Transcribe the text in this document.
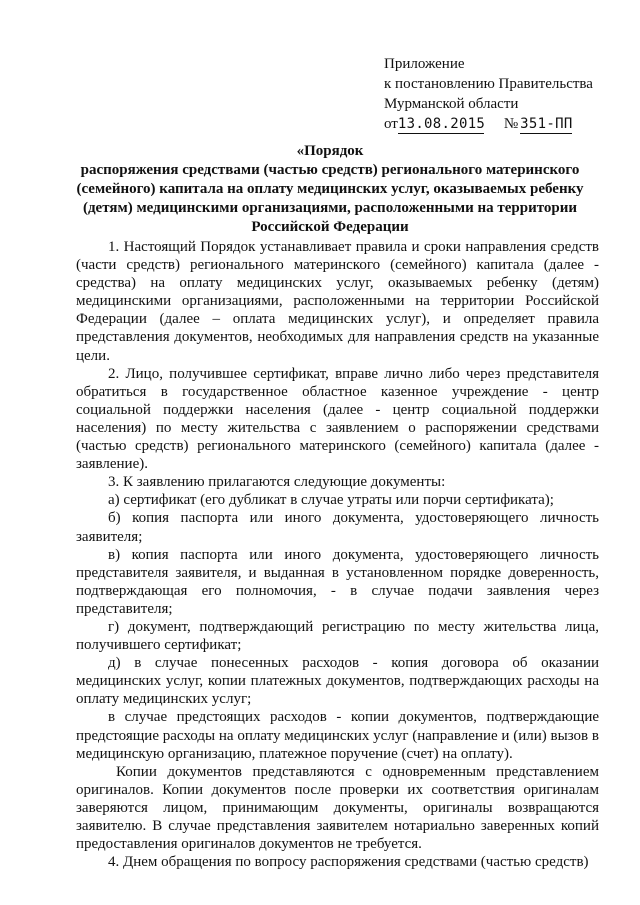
Приложение
к постановлению Правительства
Мурманской области
от13.08.2015 № 351-ПП
«Порядок
распоряжения средствами (частью средств) регионального материнского
(семейного) капитала на оплату медицинских услуг, оказываемых ребенку
(детям) медицинскими организациями, расположенными на территории
Российской Федерации

1. Настоящий Порядок устанавливает правила и сроки направления средств (части средств) регионального материнского (семейного) капитала (далее - средства) на оплату медицинских услуг, оказываемых ребенку (детям) медицинскими организациями, расположенными на территории Российской Федерации (далее – оплата медицинских услуг), и определяет правила представления документов, необходимых для направления средств на указанные цели.

2. Лицо, получившее сертификат, вправе лично либо через представителя обратиться в государственное областное казенное учреждение - центр социальной поддержки населения (далее - центр социальной поддержки населения) по месту жительства с заявлением о распоряжении средствами (частью средств) регионального материнского (семейного) капитала (далее - заявление).

3. К заявлению прилагаются следующие документы:

а) сертификат (его дубликат в случае утраты или порчи сертификата);

б) копия паспорта или иного документа, удостоверяющего личность заявителя;

в) копия паспорта или иного документа, удостоверяющего личность представителя заявителя, и выданная в установленном порядке доверенность, подтверждающая его полномочия, - в случае подачи заявления через представителя;

г) документ, подтверждающий регистрацию по месту жительства лица, получившего сертификат;

д) в случае понесенных расходов - копия договора об оказании медицинских услуг, копии платежных документов, подтверждающих расходы на оплату медицинских услуг;

в случае предстоящих расходов - копии документов, подтверждающие предстоящие расходы на оплату медицинских услуг (направление и (или) вызов в медицинскую организацию, платежное поручение (счет) на оплату).

Копии документов представляются с одновременным представлением оригиналов. Копии документов после проверки их соответствия оригиналам заверяются лицом, принимающим документы, оригиналы возвращаются заявителю. В случае представления заявителем нотариально заверенных копий предоставления оригиналов документов не требуется.

4. Днем обращения по вопросу распоряжения средствами (частью средств)
